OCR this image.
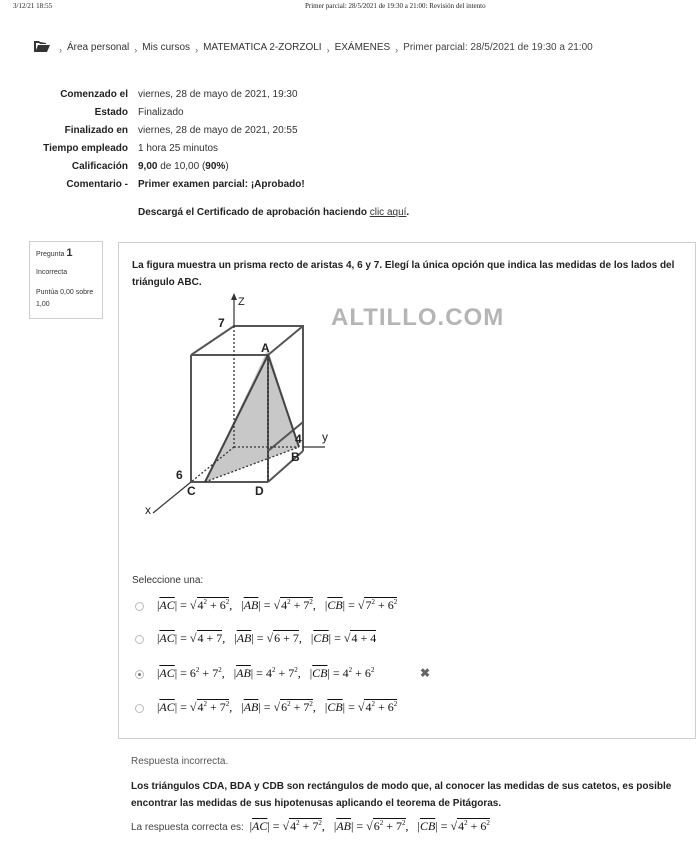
3/12/21 18:55	Primer parcial: 28/5/2021 de 19:30 a 21:00: Revisión del intento
› Área personal › Mis cursos › MATEMATICA 2-ZORZOLI › EXÁMENES › Primer parcial: 28/5/2021 de 19:30 a 21:00
Comenzado el viernes, 28 de mayo de 2021, 19:30
Estado Finalizado
Finalizado en viernes, 28 de mayo de 2021, 20:55
Tiempo empleado 1 hora 25 minutos
Calificación 9,00 de 10,00 (90%)
Comentario - Primer examen parcial: ¡Aprobado!
Descargá el Certificado de aprobación haciendo clic aquí.
Pregunta 1
Incorrecta
Puntúa 0,00 sobre 1,00
La figura muestra un prisma recto de aristas 4, 6 y 7. Elegí la única opción que indica las medidas de los lados del triángulo ABC.
Z
y
x
7
4
6
A
B
C	D
ALTILLO.COM
Seleccione una:
$|\overline{AC}| = √4^2 + 6^2$,   $|\overline{AB}| = √4^2 + 7^2$,   $|\overline{CB}| = √7^2 + 6^2$
$|\overline{AC}| = √4 + 7$,   $|\overline{AB}| = √6 + 7$,   $|\overline{CB}| = √4 + 4$
$|\overline{AC}| = 6^2 + 7^2$,   $|\overline{AB}| = 4^2 + 7^2$,   $|\overline{CB}| = 4^2 + 6^2$	✖
$|\overline{AC}| = √4^2 + 7^2$,   $|\overline{AB}| = √6^2 + 7^2$,   $|\overline{CB}| = √4^2 + 6^2$
Respuesta incorrecta.
Los triángulos CDA, BDA y CDB son rectángulos de modo que, al conocer las medidas de sus catetos, es posible encontrar las medidas de sus hipotenusas aplicando el teorema de Pitágoras.
La respuesta correcta es:  $|\overline{AC}| = √4^2 + 7^2$,   $|\overline{AB}| = √6^2 + 7^2$,   $|\overline{CB}| = √4^2 + 6^2$
